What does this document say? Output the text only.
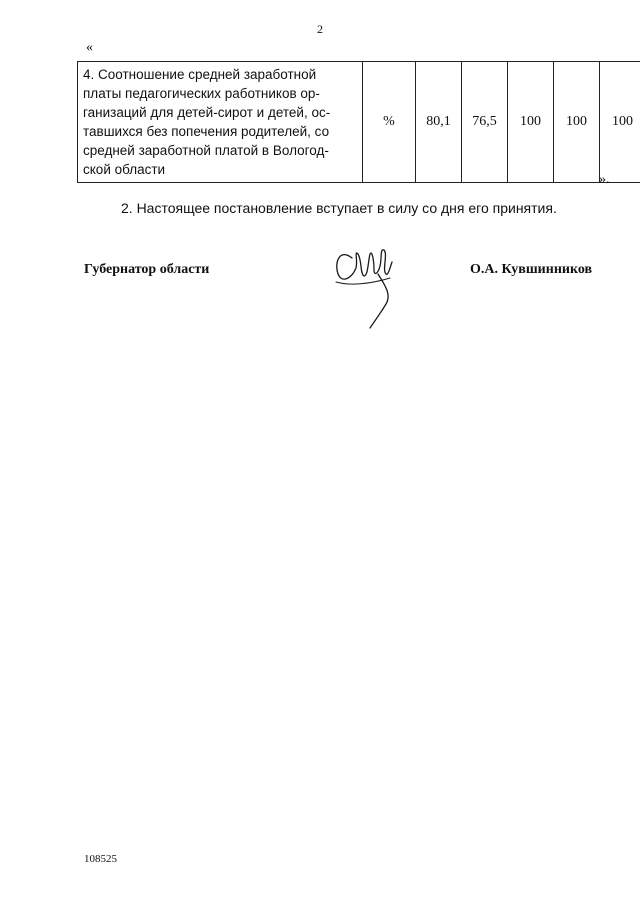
2
«
4. Соотношение средней заработной
платы педагогических работников ор-
ганизаций для детей-сирот и детей, ос-
тавшихся без попечения родителей, со
средней заработной платой в Вологод-
ской области
	%	80,1	76,5	100	100	100
».
2. Настоящее постановление вступает в силу со дня его принятия.
Губернатор области	О.А. Кувшинников
108525
